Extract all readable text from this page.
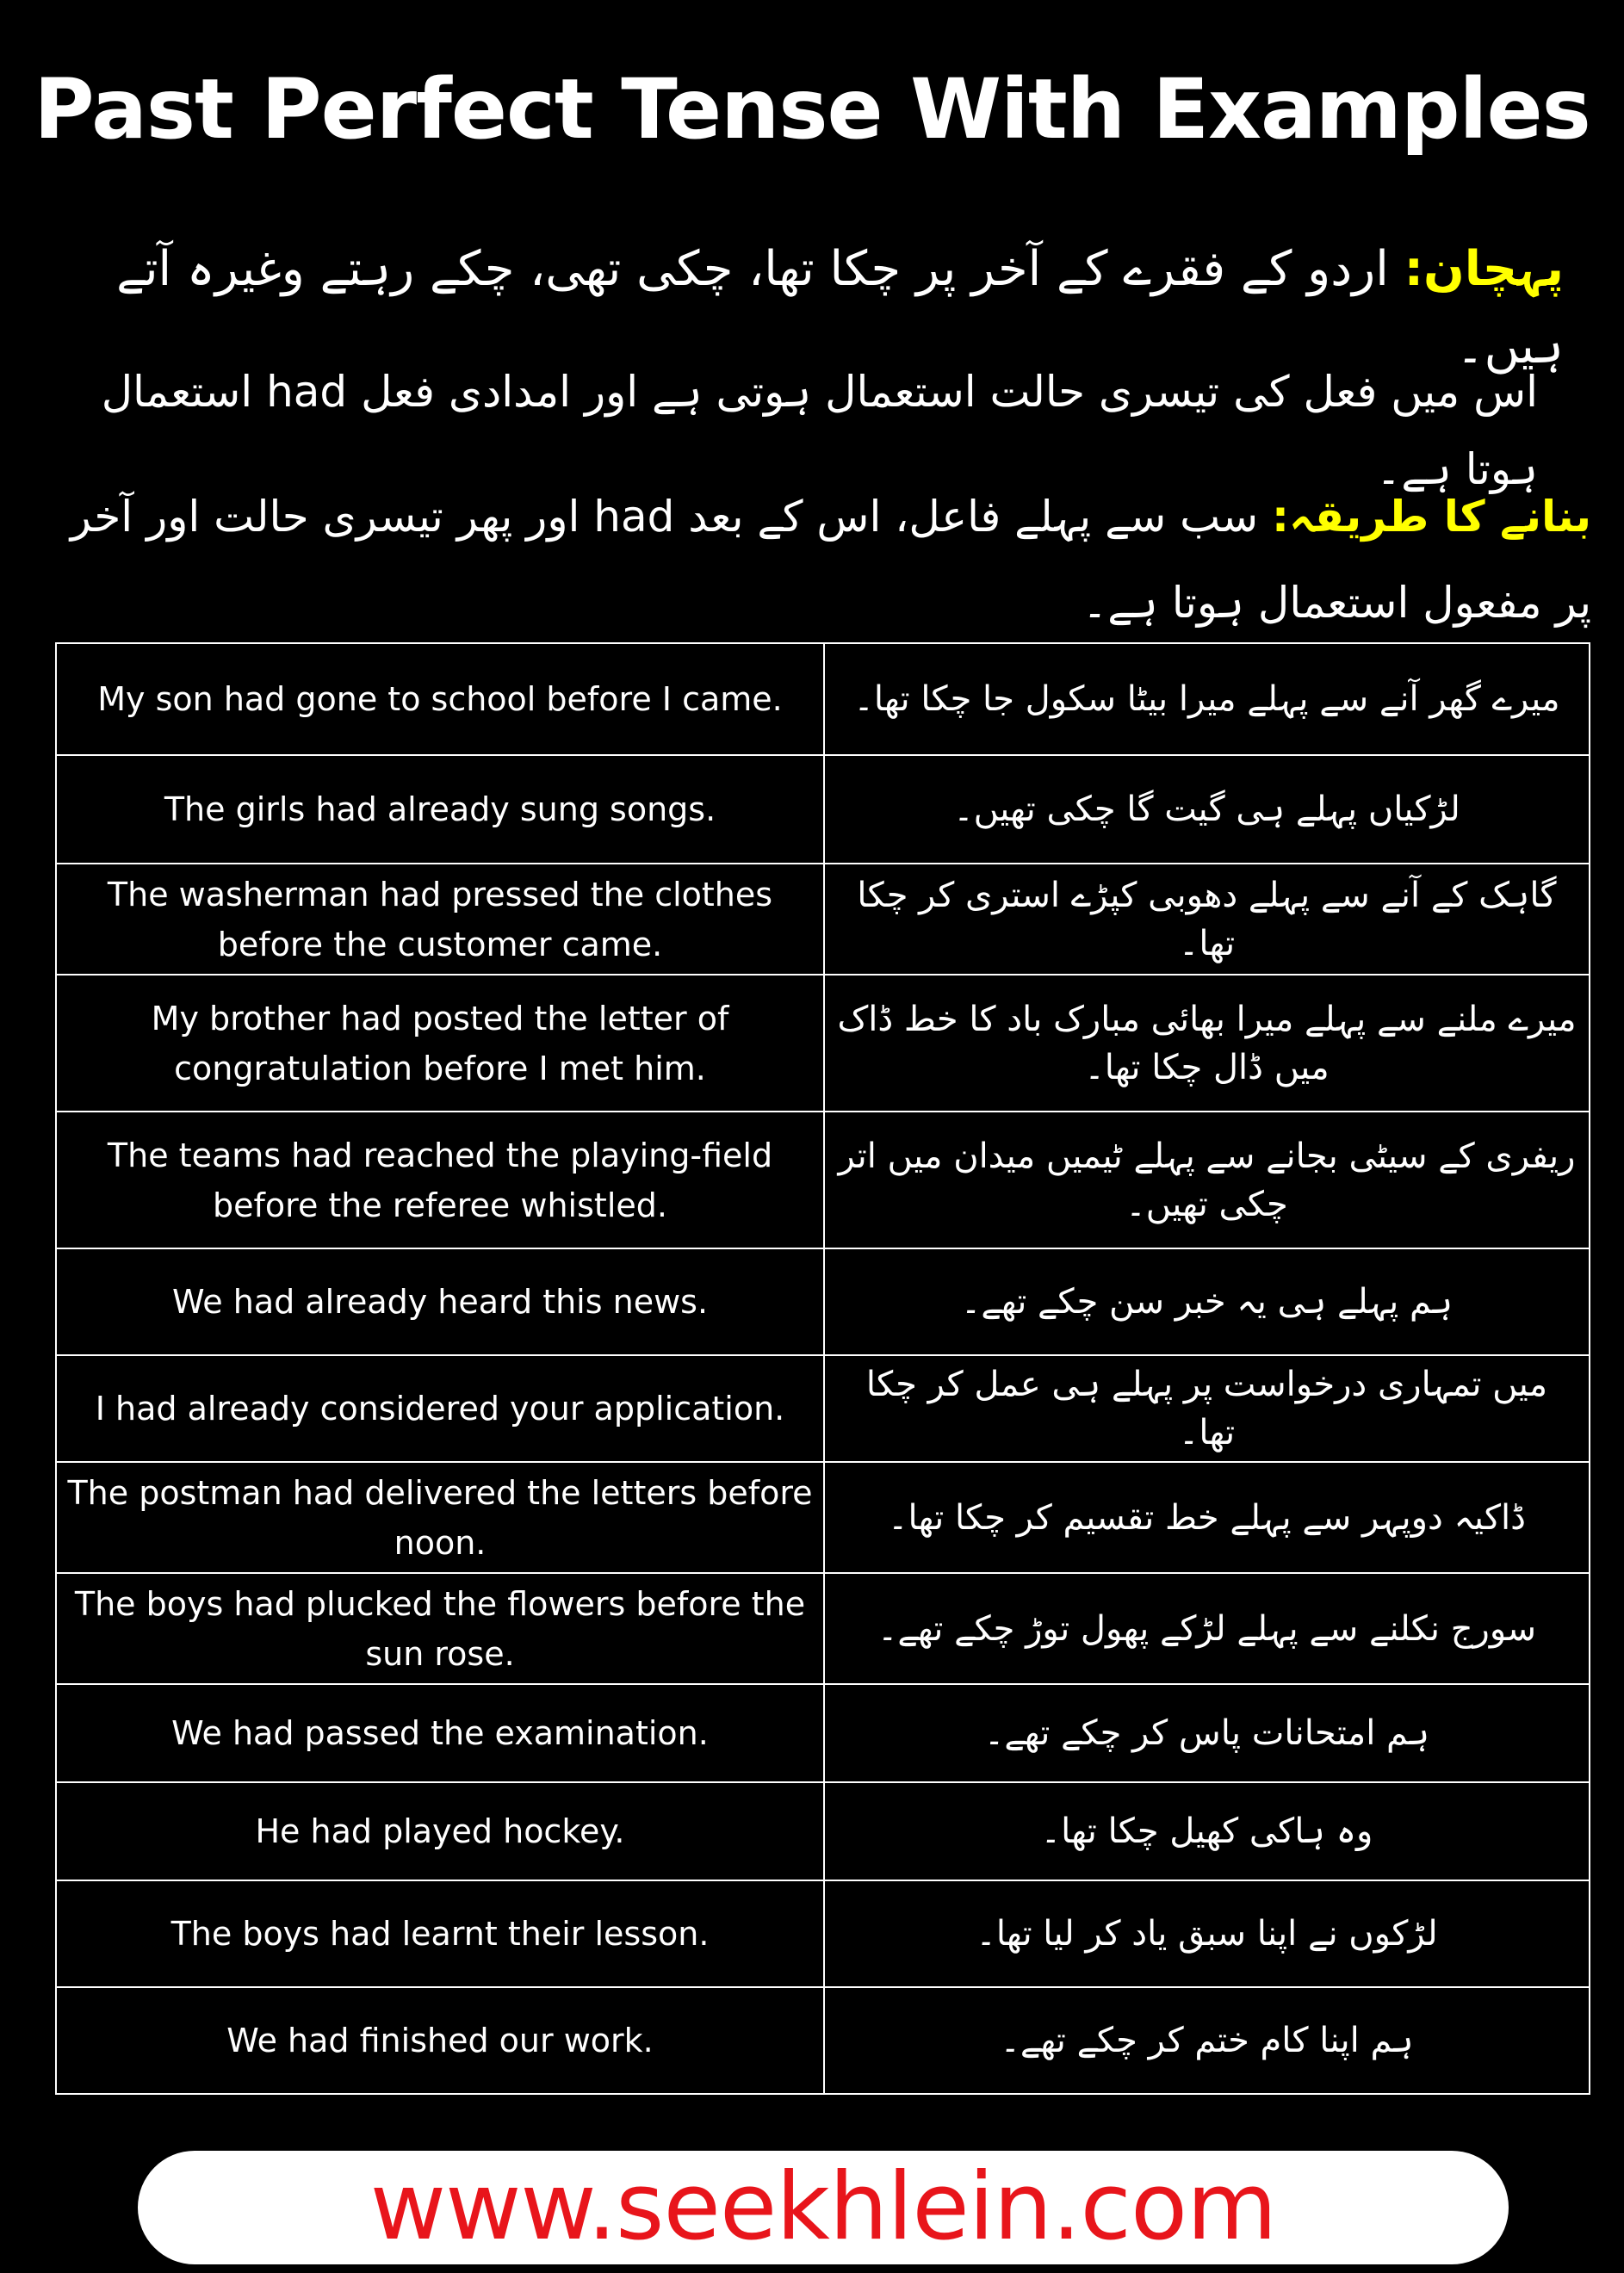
Past Perfect Tense With Examples
پہچان: اردو کے فقرے کے آخر پر چکا تھا، چکی تھی، چکے رہتے وغیرہ آتے ہیں۔
اس میں فعل کی تیسری حالت استعمال ہوتی ہے اور امدادی فعل had استعمال ہوتا ہے۔
بنانے کا طریقہ: سب سے پہلے فاعل، اس کے بعد had اور پھر تیسری حالت اور آخر پر مفعول استعمال ہوتا ہے۔
My son had gone to school before I came.	میرے گھر آنے سے پہلے میرا بیٹا سکول جا چکا تھا۔
The girls had already sung songs.	لڑکیاں پہلے ہی گیت گا چکی تھیں۔
The washerman had pressed the clothes before the customer came.	گاہک کے آنے سے پہلے دھوبی کپڑے استری کر چکا تھا۔
My brother had posted the letter of congratulation before I met him.	میرے ملنے سے پہلے میرا بھائی مبارک باد کا خط ڈاک میں ڈال چکا تھا۔
The teams had reached the playing-field before the referee whistled.	ریفری کے سیٹی بجانے سے پہلے ٹیمیں میدان میں اتر چکی تھیں۔
We had already heard this news.	ہم پہلے ہی یہ خبر سن چکے تھے۔
I had already considered your application.	میں تمہاری درخواست پر پہلے ہی عمل کر چکا تھا۔
The postman had delivered the letters before noon.	ڈاکیہ دوپہر سے پہلے خط تقسیم کر چکا تھا۔
The boys had plucked the flowers before the sun rose.	سورج نکلنے سے پہلے لڑکے پھول توڑ چکے تھے۔
We had passed the examination.	ہم امتحانات پاس کر چکے تھے۔
He had played hockey.	وہ ہاکی کھیل چکا تھا۔
The boys had learnt their lesson.	لڑکوں نے اپنا سبق یاد کر لیا تھا۔
We had finished our work.	ہم اپنا کام ختم کر چکے تھے۔
www.seekhlein.com
